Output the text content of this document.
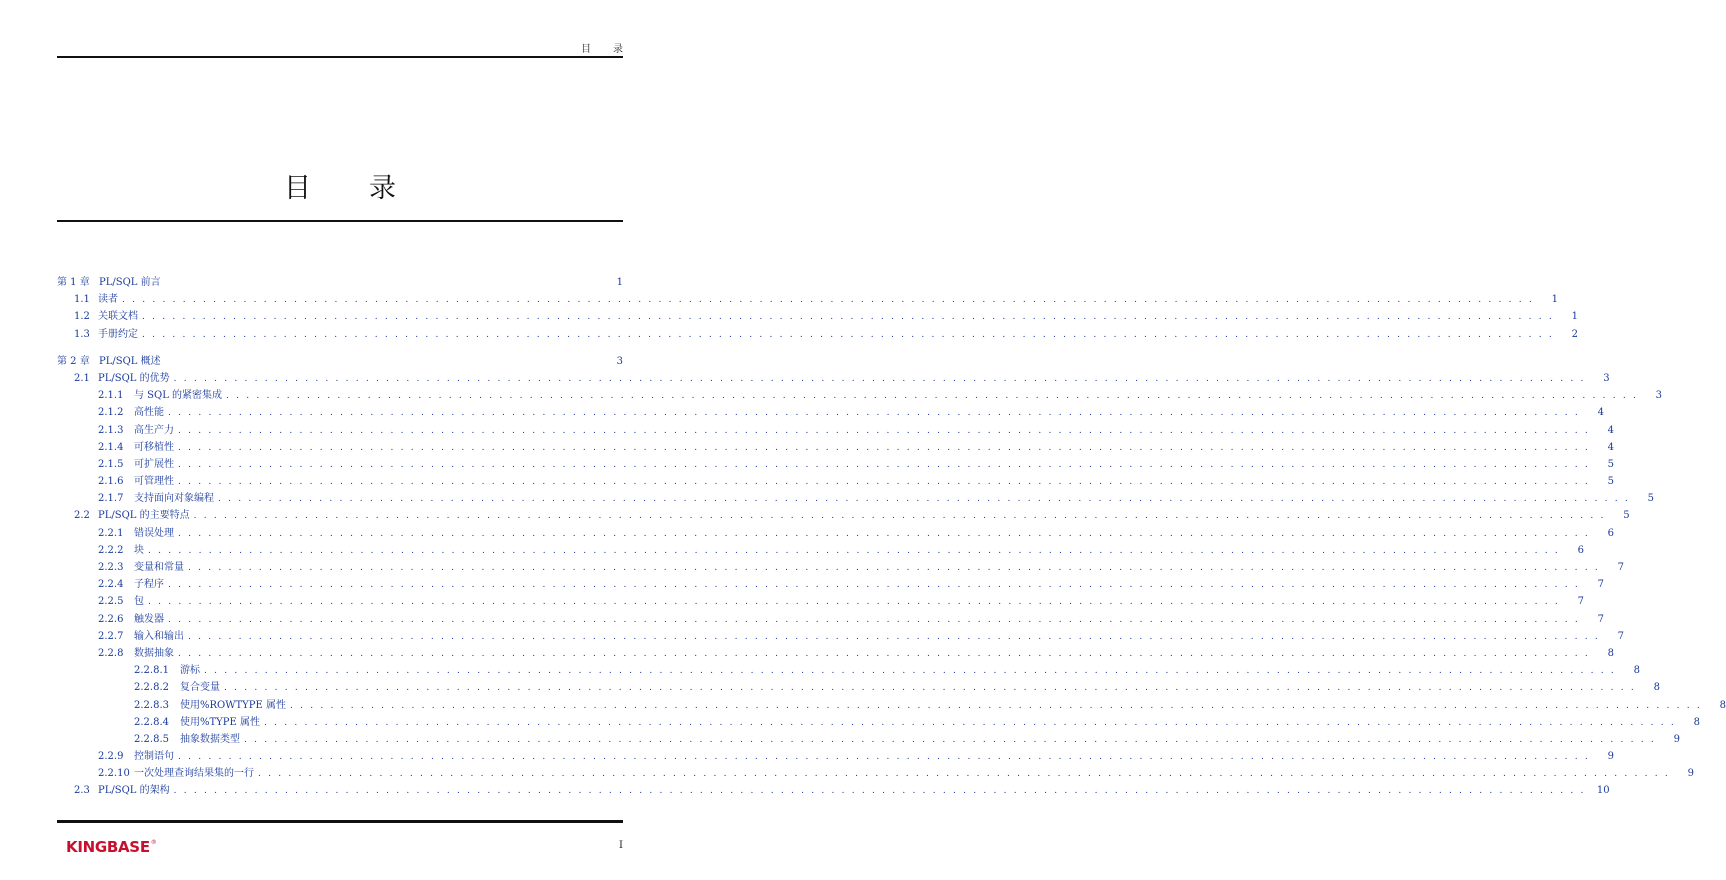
目 录
目 录
第 1 章 PL/SQL 前言	1
1.1 读者 . . . . . . . . . . . . . . . . . . . . . . . . . . . . . . . . . . . . . . . . . . . . . . . . . . . . . . . . . . . . . . . . . . . . . . . . . . . . . . . . . . . . . . . . . . . . . . . . . . . . . . . . . . . . . . . . . . . . . . . . . . . . . . . . . . . . . . . . . . . .	1
1.2 关联文档 . . . . . . . . . . . . . . . . . . . . . . . . . . . . . . . . . . . . . . . . . . . . . . . . . . . . . . . . . . . . . . . . . . . . . . . . . . . . . . . . . . . . . . . . . . . . . . . . . . . . . . . . . . . . . . . . . . . . . . . . . . . . . . . . . . . . . . . . . . . .	1
1.3 手册约定 . . . . . . . . . . . . . . . . . . . . . . . . . . . . . . . . . . . . . . . . . . . . . . . . . . . . . . . . . . . . . . . . . . . . . . . . . . . . . . . . . . . . . . . . . . . . . . . . . . . . . . . . . . . . . . . . . . . . . . . . . . . . . . . . . . . . . . . . . . . .	2
第 2 章 PL/SQL 概述	3
2.1 PL/SQL 的优势 . . . . . . . . . . . . . . . . . . . . . . . . . . . . . . . . . . . . . . . . . . . . . . . . . . . . . . . . . . . . . . . . . . . . . . . . . . . . . . . . . . . . . . . . . . . . . . . . . . . . . . . . . . . . . . . . . . . . . . . . . . . . . . . . . . . . . . . . . . . .	3
2.1.1	与 SQL 的紧密集成 . . . . . . . . . . . . . . . . . . . . . . . . . . . . . . . . . . . . . . . . . . . . . . . . . . . . . . . . . . . . . . . . . . . . . . . . . . . . . . . . . . . . . . . . . . . . . . . . . . . . . . . . . . . . . . . . . . . . . . . . . . . . . . . . . . . . . . . . . . . .	3
2.1.2	高性能 . . . . . . . . . . . . . . . . . . . . . . . . . . . . . . . . . . . . . . . . . . . . . . . . . . . . . . . . . . . . . . . . . . . . . . . . . . . . . . . . . . . . . . . . . . . . . . . . . . . . . . . . . . . . . . . . . . . . . . . . . . . . . . . . . . . . . . . . . . . .	4
2.1.3	高生产力 . . . . . . . . . . . . . . . . . . . . . . . . . . . . . . . . . . . . . . . . . . . . . . . . . . . . . . . . . . . . . . . . . . . . . . . . . . . . . . . . . . . . . . . . . . . . . . . . . . . . . . . . . . . . . . . . . . . . . . . . . . . . . . . . . . . . . . . . . . . .	4
2.1.4	可移植性 . . . . . . . . . . . . . . . . . . . . . . . . . . . . . . . . . . . . . . . . . . . . . . . . . . . . . . . . . . . . . . . . . . . . . . . . . . . . . . . . . . . . . . . . . . . . . . . . . . . . . . . . . . . . . . . . . . . . . . . . . . . . . . . . . . . . . . . . . . . .	4
2.1.5	可扩展性 . . . . . . . . . . . . . . . . . . . . . . . . . . . . . . . . . . . . . . . . . . . . . . . . . . . . . . . . . . . . . . . . . . . . . . . . . . . . . . . . . . . . . . . . . . . . . . . . . . . . . . . . . . . . . . . . . . . . . . . . . . . . . . . . . . . . . . . . . . . .	5
2.1.6	可管理性 . . . . . . . . . . . . . . . . . . . . . . . . . . . . . . . . . . . . . . . . . . . . . . . . . . . . . . . . . . . . . . . . . . . . . . . . . . . . . . . . . . . . . . . . . . . . . . . . . . . . . . . . . . . . . . . . . . . . . . . . . . . . . . . . . . . . . . . . . . . .	5
2.1.7	支持面向对象编程 . . . . . . . . . . . . . . . . . . . . . . . . . . . . . . . . . . . . . . . . . . . . . . . . . . . . . . . . . . . . . . . . . . . . . . . . . . . . . . . . . . . . . . . . . . . . . . . . . . . . . . . . . . . . . . . . . . . . . . . . . . . . . . . . . . . . . . . . . . . .	5
2.2 PL/SQL 的主要特点 . . . . . . . . . . . . . . . . . . . . . . . . . . . . . . . . . . . . . . . . . . . . . . . . . . . . . . . . . . . . . . . . . . . . . . . . . . . . . . . . . . . . . . . . . . . . . . . . . . . . . . . . . . . . . . . . . . . . . . . . . . . . . . . . . . . . . . . . . . . .	5
2.2.1	错误处理 . . . . . . . . . . . . . . . . . . . . . . . . . . . . . . . . . . . . . . . . . . . . . . . . . . . . . . . . . . . . . . . . . . . . . . . . . . . . . . . . . . . . . . . . . . . . . . . . . . . . . . . . . . . . . . . . . . . . . . . . . . . . . . . . . . . . . . . . . . . .	6
2.2.2	块 . . . . . . . . . . . . . . . . . . . . . . . . . . . . . . . . . . . . . . . . . . . . . . . . . . . . . . . . . . . . . . . . . . . . . . . . . . . . . . . . . . . . . . . . . . . . . . . . . . . . . . . . . . . . . . . . . . . . . . . . . . . . . . . . . . . . . . . . . . . .	6
2.2.3	变量和常量 . . . . . . . . . . . . . . . . . . . . . . . . . . . . . . . . . . . . . . . . . . . . . . . . . . . . . . . . . . . . . . . . . . . . . . . . . . . . . . . . . . . . . . . . . . . . . . . . . . . . . . . . . . . . . . . . . . . . . . . . . . . . . . . . . . . . . . . . . . . .	7
2.2.4	子程序 . . . . . . . . . . . . . . . . . . . . . . . . . . . . . . . . . . . . . . . . . . . . . . . . . . . . . . . . . . . . . . . . . . . . . . . . . . . . . . . . . . . . . . . . . . . . . . . . . . . . . . . . . . . . . . . . . . . . . . . . . . . . . . . . . . . . . . . . . . . .	7
2.2.5	包 . . . . . . . . . . . . . . . . . . . . . . . . . . . . . . . . . . . . . . . . . . . . . . . . . . . . . . . . . . . . . . . . . . . . . . . . . . . . . . . . . . . . . . . . . . . . . . . . . . . . . . . . . . . . . . . . . . . . . . . . . . . . . . . . . . . . . . . . . . . .	7
2.2.6	触发器 . . . . . . . . . . . . . . . . . . . . . . . . . . . . . . . . . . . . . . . . . . . . . . . . . . . . . . . . . . . . . . . . . . . . . . . . . . . . . . . . . . . . . . . . . . . . . . . . . . . . . . . . . . . . . . . . . . . . . . . . . . . . . . . . . . . . . . . . . . . .	7
2.2.7	输入和输出 . . . . . . . . . . . . . . . . . . . . . . . . . . . . . . . . . . . . . . . . . . . . . . . . . . . . . . . . . . . . . . . . . . . . . . . . . . . . . . . . . . . . . . . . . . . . . . . . . . . . . . . . . . . . . . . . . . . . . . . . . . . . . . . . . . . . . . . . . . . .	7
2.2.8	数据抽象 . . . . . . . . . . . . . . . . . . . . . . . . . . . . . . . . . . . . . . . . . . . . . . . . . . . . . . . . . . . . . . . . . . . . . . . . . . . . . . . . . . . . . . . . . . . . . . . . . . . . . . . . . . . . . . . . . . . . . . . . . . . . . . . . . . . . . . . . . . . .	8
2.2.8.1	游标 . . . . . . . . . . . . . . . . . . . . . . . . . . . . . . . . . . . . . . . . . . . . . . . . . . . . . . . . . . . . . . . . . . . . . . . . . . . . . . . . . . . . . . . . . . . . . . . . . . . . . . . . . . . . . . . . . . . . . . . . . . . . . . . . . . . . . . . . . . . .	8
2.2.8.2	复合变量 . . . . . . . . . . . . . . . . . . . . . . . . . . . . . . . . . . . . . . . . . . . . . . . . . . . . . . . . . . . . . . . . . . . . . . . . . . . . . . . . . . . . . . . . . . . . . . . . . . . . . . . . . . . . . . . . . . . . . . . . . . . . . . . . . . . . . . . . . . . .	8
2.2.8.3	使用%ROWTYPE 属性 . . . . . . . . . . . . . . . . . . . . . . . . . . . . . . . . . . . . . . . . . . . . . . . . . . . . . . . . . . . . . . . . . . . . . . . . . . . . . . . . . . . . . . . . . . . . . . . . . . . . . . . . . . . . . . . . . . . . . . . . . . . . . . . . . . . . . . . . . . . .	8
2.2.8.4	使用%TYPE 属性 . . . . . . . . . . . . . . . . . . . . . . . . . . . . . . . . . . . . . . . . . . . . . . . . . . . . . . . . . . . . . . . . . . . . . . . . . . . . . . . . . . . . . . . . . . . . . . . . . . . . . . . . . . . . . . . . . . . . . . . . . . . . . . . . . . . . . . . . . . . .	8
2.2.8.5	抽象数据类型 . . . . . . . . . . . . . . . . . . . . . . . . . . . . . . . . . . . . . . . . . . . . . . . . . . . . . . . . . . . . . . . . . . . . . . . . . . . . . . . . . . . . . . . . . . . . . . . . . . . . . . . . . . . . . . . . . . . . . . . . . . . . . . . . . . . . . . . . . . . .	9
2.2.9	控制语句 . . . . . . . . . . . . . . . . . . . . . . . . . . . . . . . . . . . . . . . . . . . . . . . . . . . . . . . . . . . . . . . . . . . . . . . . . . . . . . . . . . . . . . . . . . . . . . . . . . . . . . . . . . . . . . . . . . . . . . . . . . . . . . . . . . . . . . . . . . . .	9
2.2.10 一次处理查询结果集的一行 . . . . . . . . . . . . . . . . . . . . . . . . . . . . . . . . . . . . . . . . . . . . . . . . . . . . . . . . . . . . . . . . . . . . . . . . . . . . . . . . . . . . . . . . . . . . . . . . . . . . . . . . . . . . . . . . . . . . . . . . . . . . . . . . . . . . . . . . . . . .	9
2.3 PL/SQL 的架构 . . . . . . . . . . . . . . . . . . . . . . . . . . . . . . . . . . . . . . . . . . . . . . . . . . . . . . . . . . . . . . . . . . . . . . . . . . . . . . . . . . . . . . . . . . . . . . . . . . . . . . . . . . . . . . . . . . . . . . . . . . . . . . . . . . . . . . . . . . . .	10
KINGBASE ®	I
